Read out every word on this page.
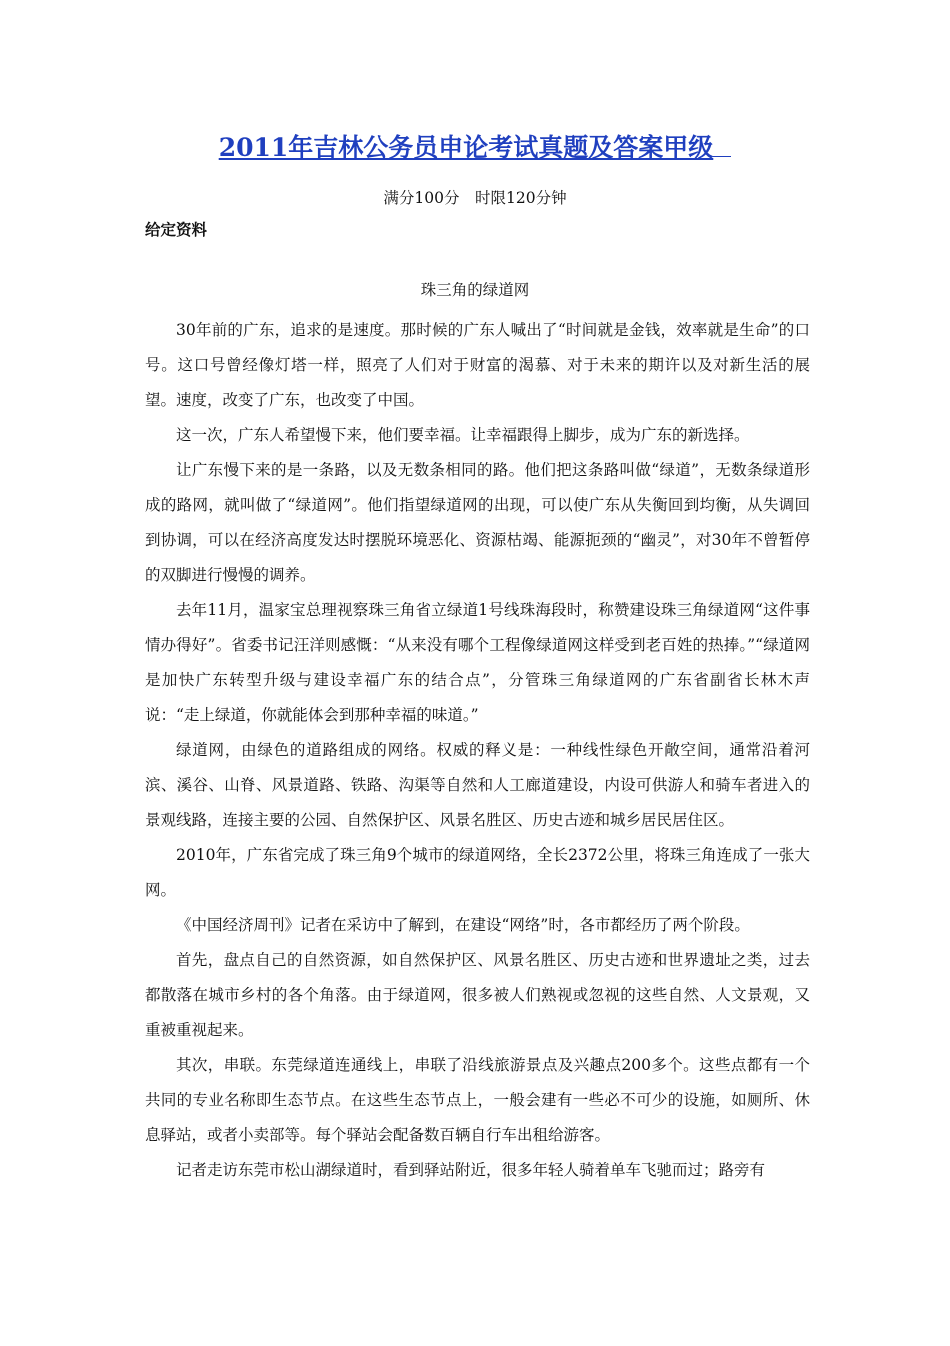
2011年吉林公务员申论考试真题及答案甲级
满分100分　时限120分钟
给定资料
珠三角的绿道网

30年前的广东，追求的是速度。那时候的广东人喊出了“时间就是金钱，效率就是生命”的口号。这口号曾经像灯塔一样，照亮了人们对于财富的渴慕、对于未来的期许以及对新生活的展望。速度，改变了广东，也改变了中国。

这一次，广东人希望慢下来，他们要幸福。让幸福跟得上脚步，成为广东的新选择。

让广东慢下来的是一条路，以及无数条相同的路。他们把这条路叫做“绿道”，无数条绿道形成的路网，就叫做了“绿道网”。他们指望绿道网的出现，可以使广东从失衡回到均衡，从失调回到协调，可以在经济高度发达时摆脱环境恶化、资源枯竭、能源扼颈的“幽灵”，对30年不曾暂停的双脚进行慢慢的调养。

去年11月，温家宝总理视察珠三角省立绿道1号线珠海段时，称赞建设珠三角绿道网“这件事情办得好”。省委书记汪洋则感慨：“从来没有哪个工程像绿道网这样受到老百姓的热捧。”“绿道网是加快广东转型升级与建设幸福广东的结合点”，分管珠三角绿道网的广东省副省长林木声说：“走上绿道，你就能体会到那种幸福的味道。”

绿道网，由绿色的道路组成的网络。权威的释义是：一种线性绿色开敞空间，通常沿着河滨、溪谷、山脊、风景道路、铁路、沟渠等自然和人工廊道建设，内设可供游人和骑车者进入的景观线路，连接主要的公园、自然保护区、风景名胜区、历史古迹和城乡居民居住区。

2010年，广东省完成了珠三角9个城市的绿道网络，全长2372公里，将珠三角连成了一张大网。

《中国经济周刊》记者在采访中了解到，在建设“网络”时，各市都经历了两个阶段。

首先，盘点自己的自然资源，如自然保护区、风景名胜区、历史古迹和世界遗址之类，过去都散落在城市乡村的各个角落。由于绿道网，很多被人们熟视或忽视的这些自然、人文景观，又重被重视起来。

其次，串联。东莞绿道连通线上，串联了沿线旅游景点及兴趣点200多个。这些点都有一个共同的专业名称即生态节点。在这些生态节点上，一般会建有一些必不可少的设施，如厕所、休息驿站，或者小卖部等。每个驿站会配备数百辆自行车出租给游客。

记者走访东莞市松山湖绿道时，看到驿站附近，很多年轻人骑着单车飞驰而过；路旁有
